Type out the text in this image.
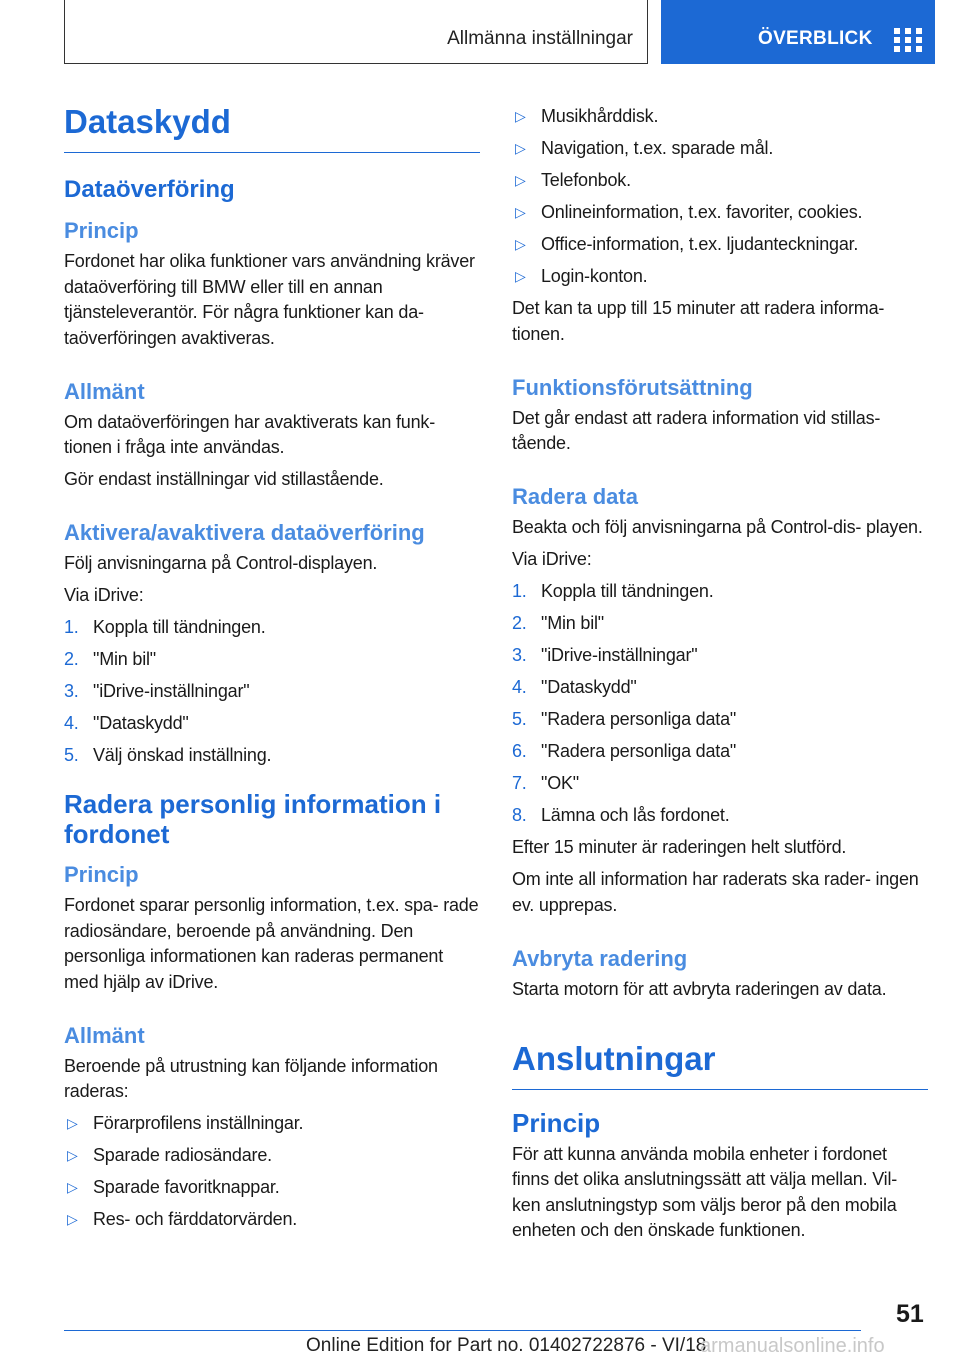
Allmänna inställningar	ÖVERBLICK
Dataskydd
Dataöverföring
Princip

Fordonet har olika funktioner vars användning kräver dataöverföring till BMW eller till en annan tjänsteleverantör. För några funktioner kan da- taöverföringen avaktiveras.

Allmänt

Om dataöverföringen har avaktiverats kan funk- tionen i fråga inte användas.

Gör endast inställningar vid stillastående.

Aktivera/avaktivera dataöverföring

Följ anvisningarna på Control-displayen.

Via iDrive:

1. Koppla till tändningen.
2. "Min bil"
3. "iDrive-inställningar"
4. "Dataskydd"
5. Välj önskad inställning.
Radera personlig information i fordonet
Princip

Fordonet sparar personlig information, t.ex. spa- rade radiosändare, beroende på användning. Den personliga informationen kan raderas permanent med hjälp av iDrive.

Allmänt

Beroende på utrustning kan följande information raderas:

▷ Förarprofilens inställningar.
▷ Sparade radiosändare.
▷ Sparade favoritknappar.
▷ Res- och färddatorvärden.
▷ Musikhårddisk.
▷ Navigation, t.ex. sparade mål.
▷ Telefonbok.
▷ Onlineinformation, t.ex. favoriter, cookies.
▷ Office-information, t.ex. ljudanteckningar.
▷ Login-konton.

Det kan ta upp till 15 minuter att radera informa- tionen.

Funktionsförutsättning

Det går endast att radera information vid stillas- tående.

Radera data

Beakta och följ anvisningarna på Control-dis- playen.

Via iDrive:

1. Koppla till tändningen.
2. "Min bil"
3. "iDrive-inställningar"
4. "Dataskydd"
5. "Radera personliga data"
6. "Radera personliga data"
7. "OK"
8. Lämna och lås fordonet.

Efter 15 minuter är raderingen helt slutförd.

Om inte all information har raderats ska rader- ingen ev. upprepas.

Avbryta radering

Starta motorn för att avbryta raderingen av data.

Anslutningar
Princip

För att kunna använda mobila enheter i fordonet finns det olika anslutningssätt att välja mellan. Vil- ken anslutningstyp som väljs beror på den mobila enheten och den önskade funktionen.

51
Online Edition for Part no. 01402722876 - VI/18
armanualsonline.info
